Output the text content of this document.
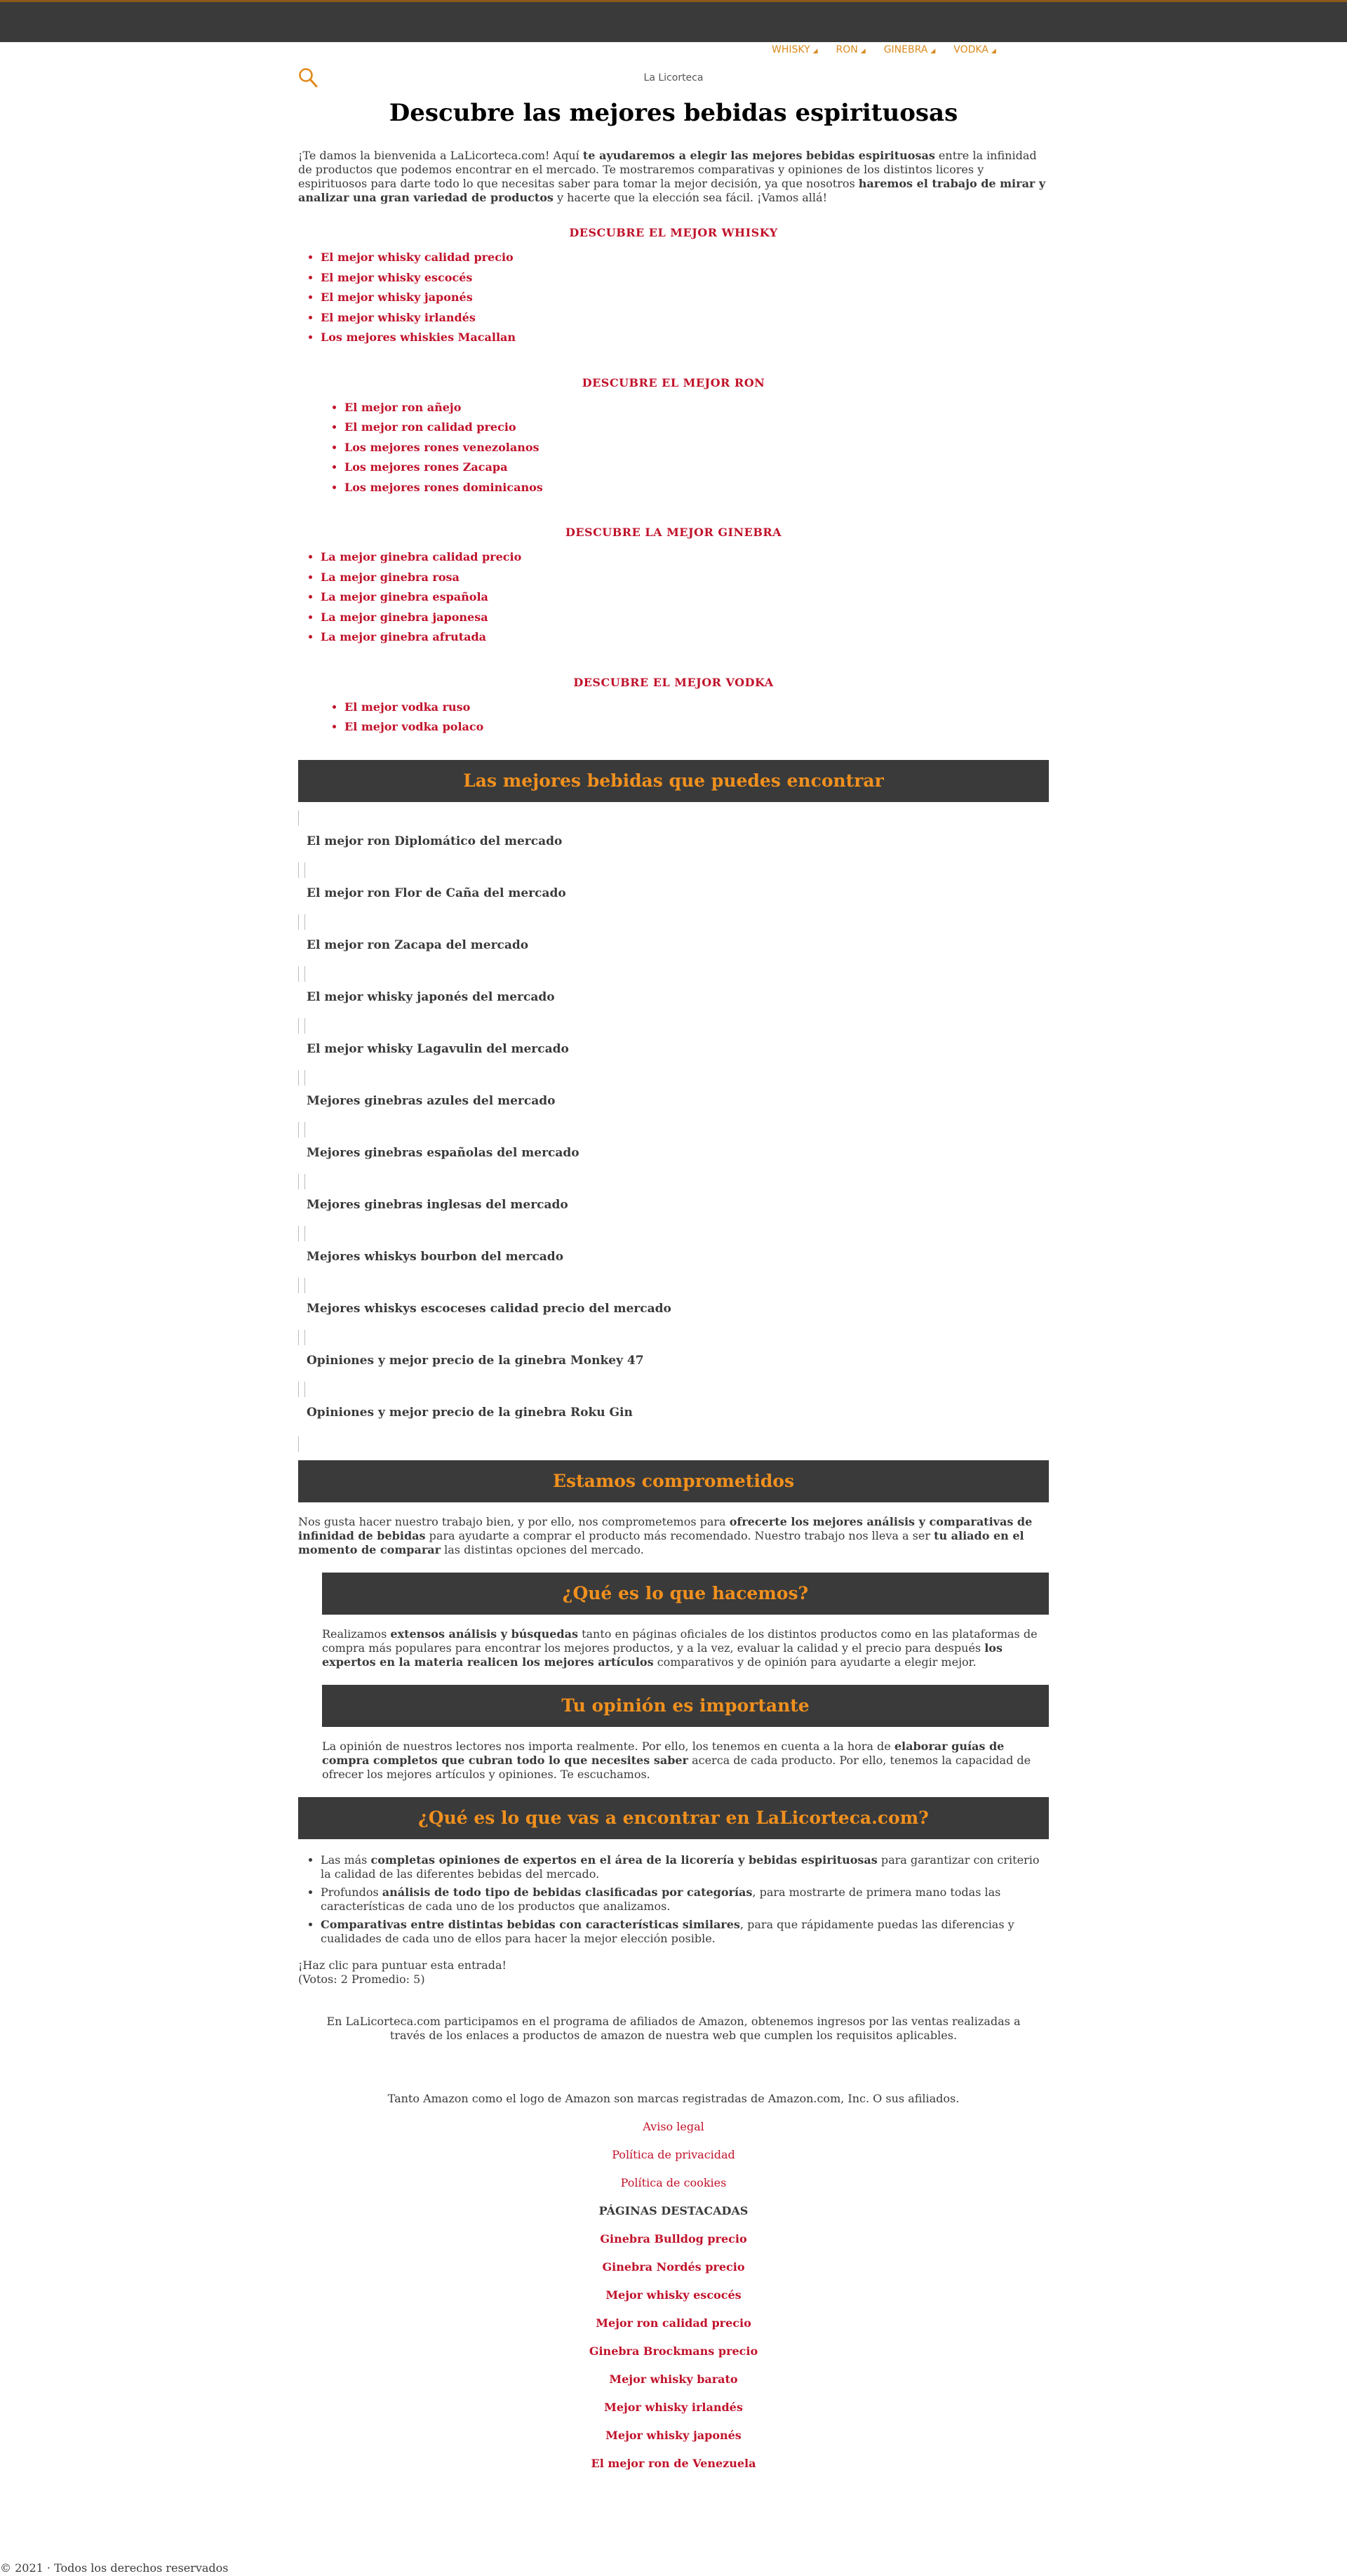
WHISKY ◢ RON ◢ GINEBRA ◢ VODKA ◢
La Licorteca
Descubre las mejores bebidas espirituosas

¡Te damos la bienvenida a LaLicorteca.com! Aquí te ayudaremos a elegir las mejores bebidas espirituosas entre la infinidad de productos que podemos encontrar en el mercado. Te mostraremos comparativas y opiniones de los distintos licores y espirituosos para darte todo lo que necesitas saber para tomar la mejor decisión, ya que nosotros haremos el trabajo de mirar y analizar una gran variedad de productos y hacerte que la elección sea fácil. ¡Vamos allá!

DESCUBRE EL MEJOR WHISKY
• El mejor whisky calidad precio
• El mejor whisky escocés
• El mejor whisky japonés
• El mejor whisky irlandés
• Los mejores whiskies Macallan
DESCUBRE EL MEJOR RON
• El mejor ron añejo
• El mejor ron calidad precio
• Los mejores rones venezolanos
• Los mejores rones Zacapa
• Los mejores rones dominicanos
DESCUBRE LA MEJOR GINEBRA
• La mejor ginebra calidad precio
• La mejor ginebra rosa
• La mejor ginebra española
• La mejor ginebra japonesa
• La mejor ginebra afrutada
DESCUBRE EL MEJOR VODKA
• El mejor vodka ruso
• El mejor vodka polaco
Las mejores bebidas que puedes encontrar
El mejor ron Diplomático del mercado
El mejor ron Flor de Caña del mercado
El mejor ron Zacapa del mercado
El mejor whisky japonés del mercado
El mejor whisky Lagavulin del mercado
Mejores ginebras azules del mercado
Mejores ginebras españolas del mercado
Mejores ginebras inglesas del mercado
Mejores whiskys bourbon del mercado
Mejores whiskys escoceses calidad precio del mercado
Opiniones y mejor precio de la ginebra Monkey 47
Opiniones y mejor precio de la ginebra Roku Gin
Estamos comprometidos

Nos gusta hacer nuestro trabajo bien, y por ello, nos comprometemos para ofrecerte los mejores análisis y comparativas de infinidad de bebidas para ayudarte a comprar el producto más recomendado. Nuestro trabajo nos lleva a ser tu aliado en el momento de comparar las distintas opciones del mercado.

¿Qué es lo que hacemos?

Realizamos extensos análisis y búsquedas tanto en páginas oficiales de los distintos productos como en las plataformas de compra más populares para encontrar los mejores productos, y a la vez, evaluar la calidad y el precio para después los expertos en la materia realicen los mejores artículos comparativos y de opinión para ayudarte a elegir mejor.

Tu opinión es importante

La opinión de nuestros lectores nos importa realmente. Por ello, los tenemos en cuenta a la hora de elaborar guías de compra completos que cubran todo lo que necesites saber acerca de cada producto. Por ello, tenemos la capacidad de ofrecer los mejores artículos y opiniones. Te escuchamos.

¿Qué es lo que vas a encontrar en LaLicorteca.com?
• Las más completas opiniones de expertos en el área de la licorería y bebidas espirituosas para garantizar con criterio la calidad de las diferentes bebidas del mercado.
• Profundos análisis de todo tipo de bebidas clasificadas por categorías, para mostrarte de primera mano todas las características de cada uno de los productos que analizamos.
• Comparativas entre distintas bebidas con características similares, para que rápidamente puedas las diferencias y cualidades de cada uno de ellos para hacer la mejor elección posible.
¡Haz clic para puntuar esta entrada!
(Votos: 2 Promedio: 5)

En LaLicorteca.com participamos en el programa de afiliados de Amazon, obtenemos ingresos por las ventas realizadas a través de los enlaces a productos de amazon de nuestra web que cumplen los requisitos aplicables.

Tanto Amazon como el logo de Amazon son marcas registradas de Amazon.com, Inc. O sus afiliados.
Aviso legal
Política de privacidad
Política de cookies
PÁGINAS DESTACADAS
Ginebra Bulldog precio
Ginebra Nordés precio
Mejor whisky escocés
Mejor ron calidad precio
Ginebra Brockmans precio
Mejor whisky barato
Mejor whisky irlandés
Mejor whisky japonés
El mejor ron de Venezuela
© 2021 · Todos los derechos reservados
